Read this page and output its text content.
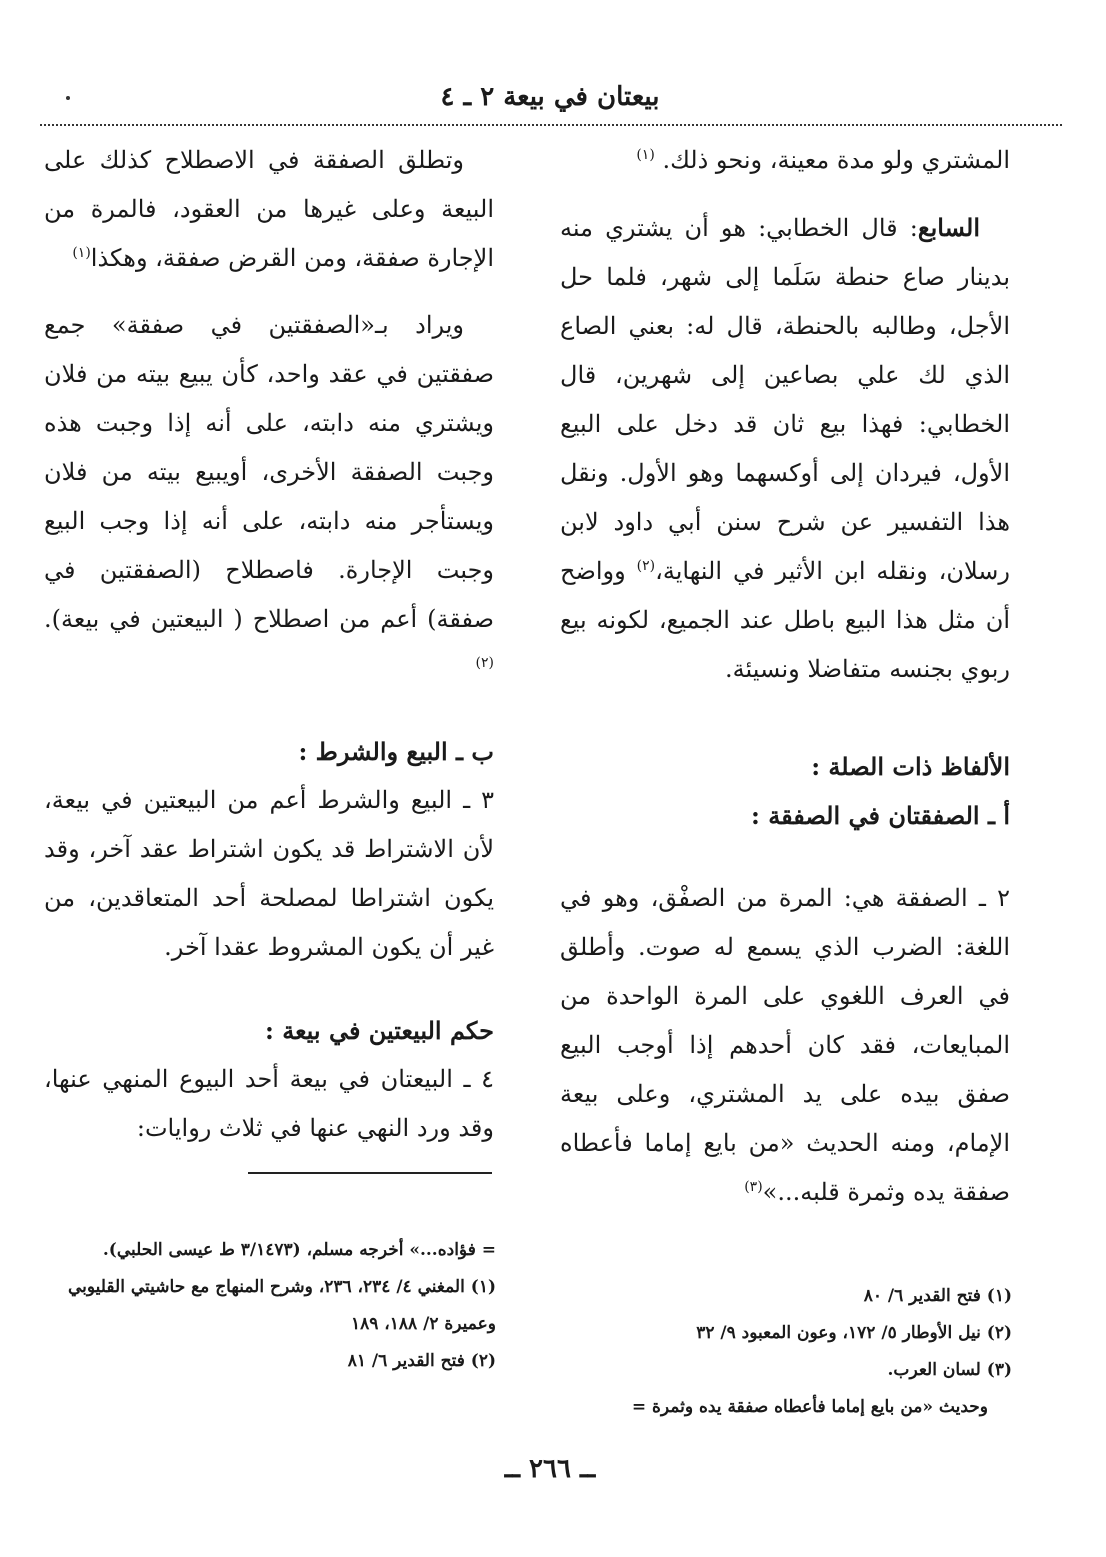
بيعتان في بيعة ٢ ـ ٤

المشتري ولو مدة معينة، ونحو ذلك. $^{(١)}$

السابع: قال الخطابي: هو أن يشتري منه بدينار صاع حنطة سَلَما إلى شهر، فلما حل الأجل، وطالبه بالحنطة، قال له: بعني الصاع الذي لك علي بصاعين إلى شهرين، قال الخطابي: فهذا بيع ثان قد دخل على البيع الأول، فيردان إلى أوكسهما وهو الأول. ونقل هذا التفسير عن شرح سنن أبي داود لابن رسلان، ونقله ابن الأثير في النهاية،$^{(٢)}$ وواضح أن مثل هذا البيع باطل عند الجميع، لكونه بيع ربوي بجنسه متفاضلا ونسيئة.

الألفاظ ذات الصلة :

أ ـ الصفقتان في الصفقة :

٢ ـ الصفقة هي: المرة من الصفْق، وهو في اللغة: الضرب الذي يسمع له صوت. وأطلق في العرف اللغوي على المرة الواحدة من المبايعات، فقد كان أحدهم إذا أوجب البيع صفق بيده على يد المشتري، وعلى بيعة الإمام، ومنه الحديث «من بايع إماما فأعطاه صفقة يده وثمرة قلبه...»$^{(٣)}$

وتطلق الصفقة في الاصطلاح كذلك على البيعة وعلى غيرها من العقود، فالمرة من الإجارة صفقة، ومن القرض صفقة، وهكذا$^{(١)}$

ويراد بـ«الصفقتين في صفقة» جمع صفقتين في عقد واحد، كأن يبيع بيته من فلان ويشتري منه دابته، على أنه إذا وجبت هذه وجبت الصفقة الأخرى، أويبيع بيته من فلان ويستأجر منه دابته، على أنه إذا وجب البيع وجبت الإجارة. فاصطلاح (الصفقتين في صفقة) أعم من اصطلاح ( البيعتين في بيعة). $^{(٢)}$

ب ـ البيع والشرط :

٣ ـ البيع والشرط أعم من البيعتين في بيعة، لأن الاشتراط قد يكون اشتراط عقد آخر، وقد يكون اشتراطا لمصلحة أحد المتعاقدين، من غير أن يكون المشروط عقدا آخر.

حكم البيعتين في بيعة :

٤ ـ البيعتان في بيعة أحد البيوع المنهي عنها، وقد ورد النهي عنها في ثلاث روايات:

= فؤاده...» أخرجه مسلم، (٣/١٤٧٣ ط عيسى الحلبي).

(١) المغني ٤/ ٢٣٤، ٢٣٦، وشرح المنهاج مع حاشيتي القليوبي وعميرة ٢/ ١٨٨، ١٨٩

(٢) فتح القدير ٦/ ٨١

(١) فتح القدير ٦/ ٨٠

(٢) نيل الأوطار ٥/ ١٧٢، وعون المعبود ٩/ ٣٢

(٣) لسان العرب.

وحديث «من بايع إماما فأعطاه صفقة يده وثمرة =

ــ ٢٦٦ ــ
